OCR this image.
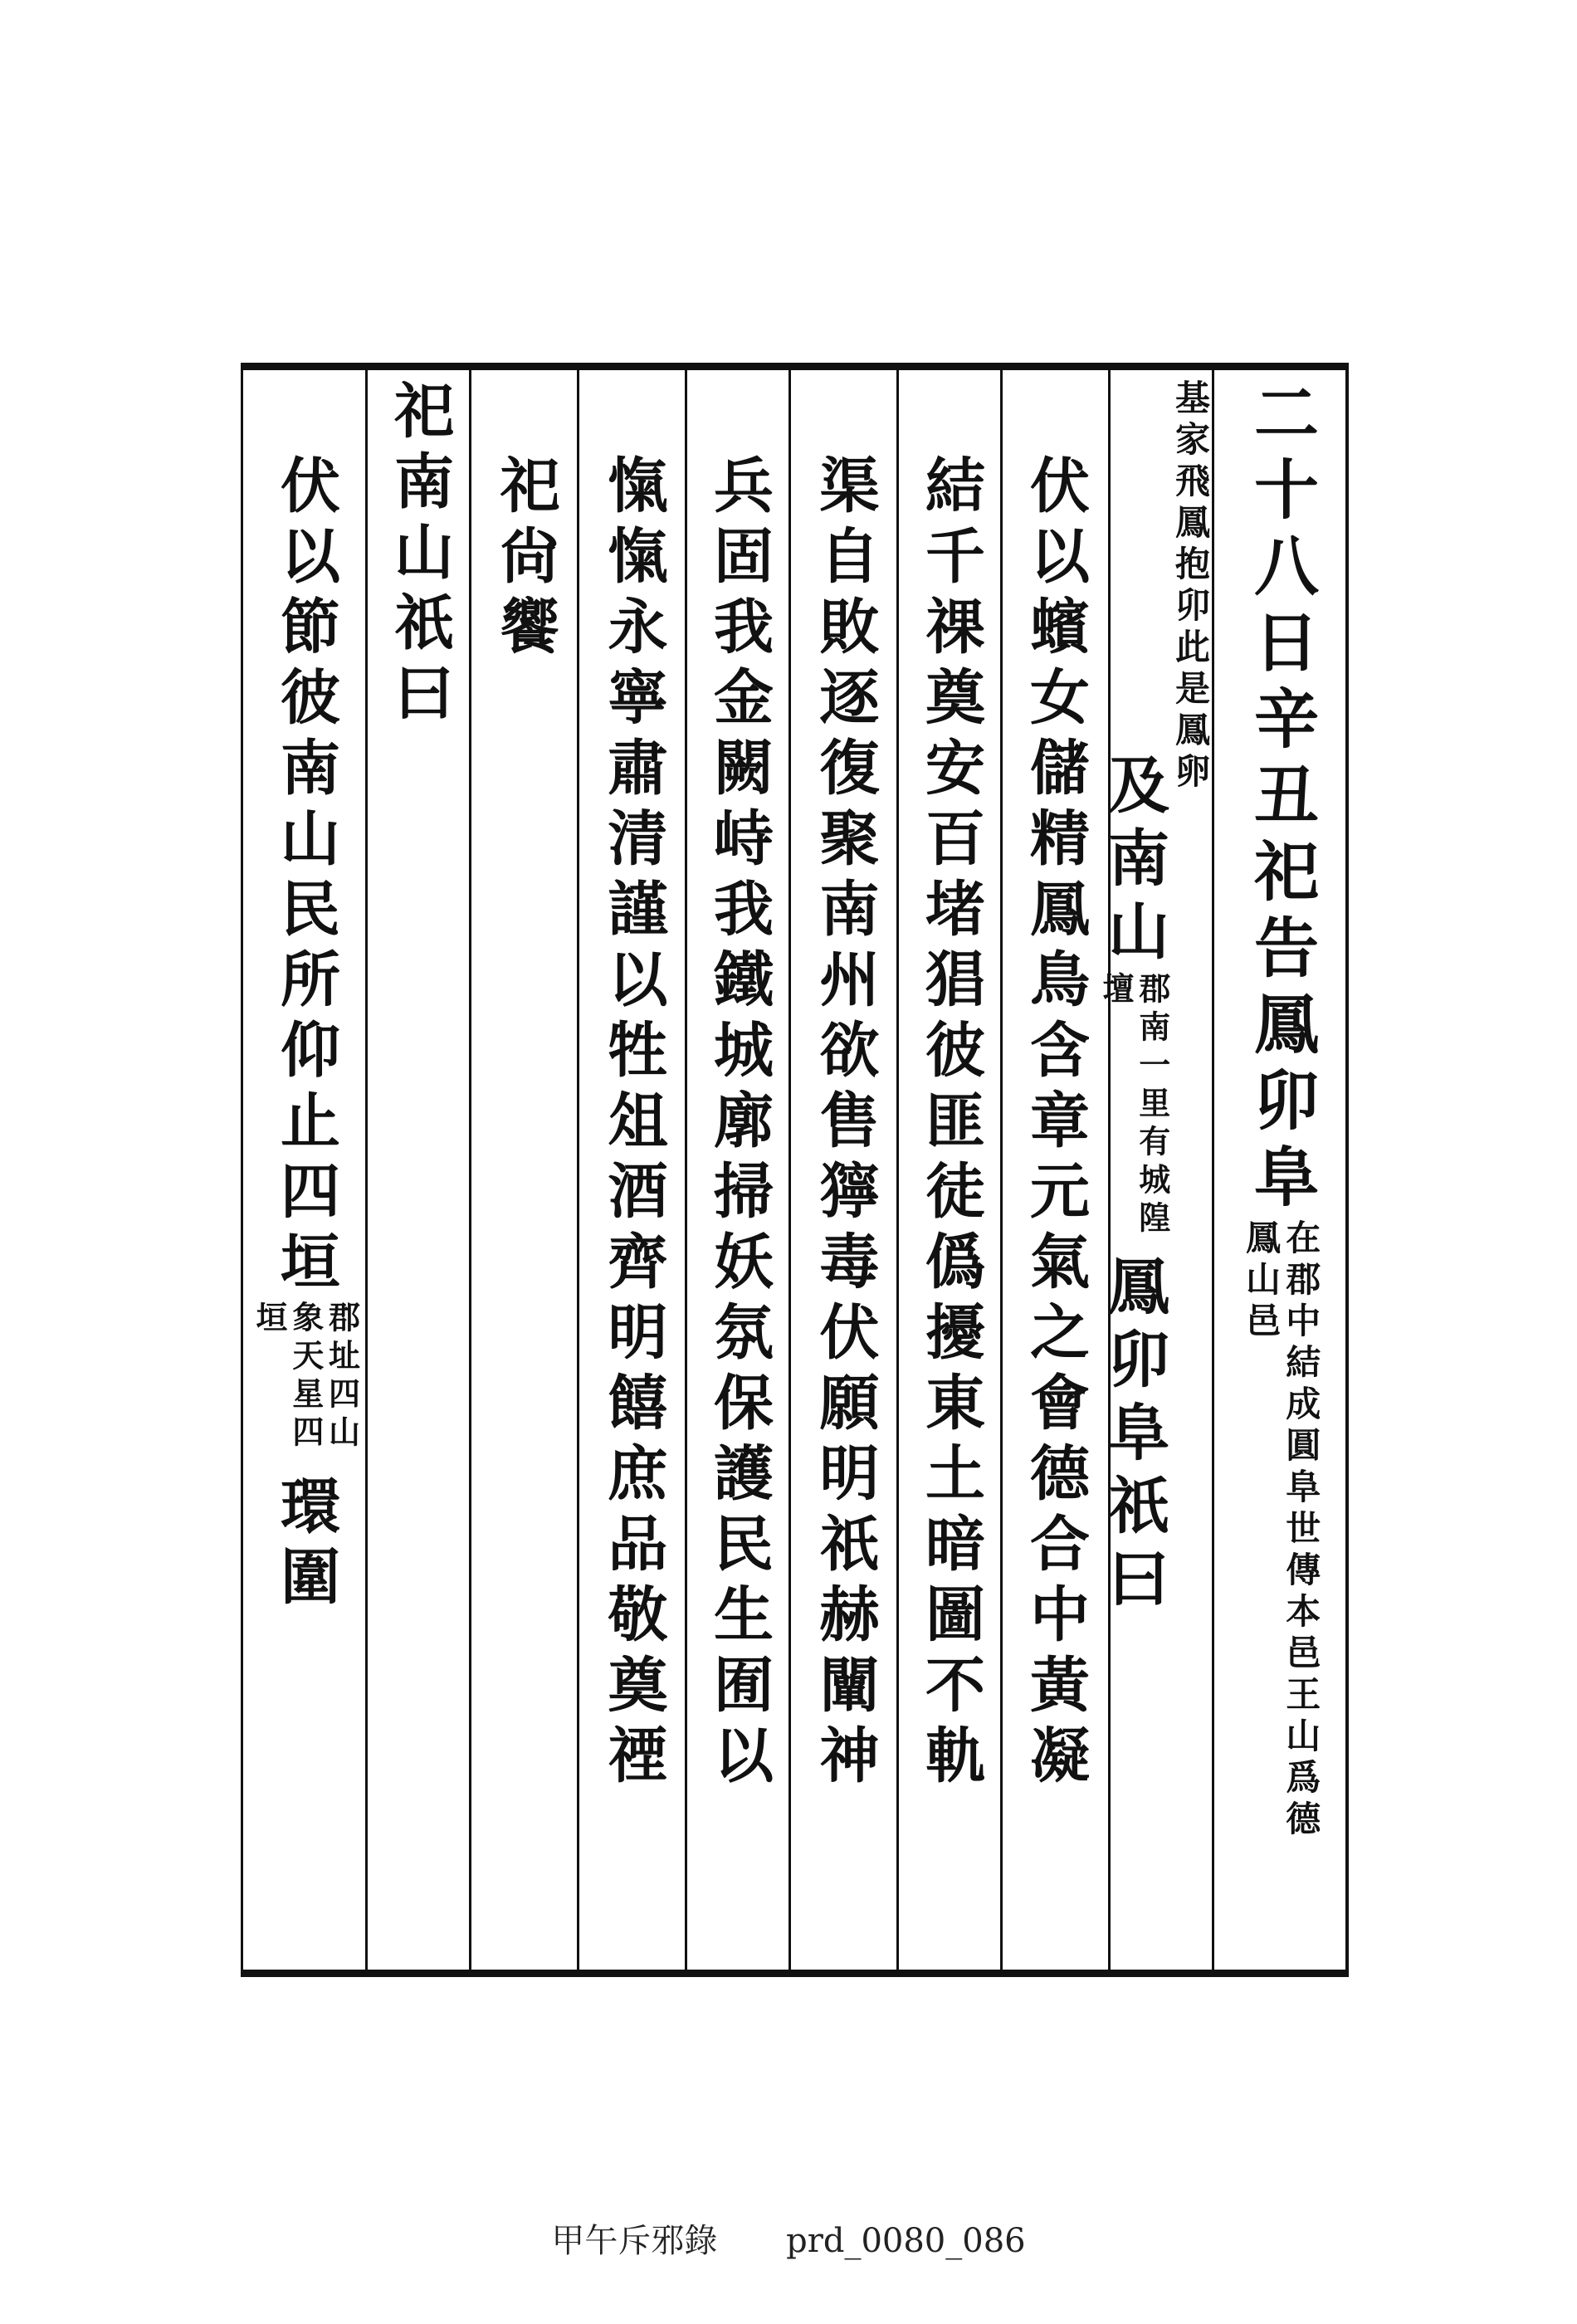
二十八日辛丑祀告鳳卯阜
在郡中結成圓阜世傳本邑王山爲德鳳山邑
基家飛鳳抱卯此是鳳卵
及南山
郡南一里有城隍壇
鳳卯阜祇曰
伏以蠙女儲精鳳鳥含章元氣之會德合中黃凝
結千祼奠安百堵猖彼匪徒僞擾東土暗圖不軌
渠自敗逐復聚南州欲售獰毒伏願明祇赫闡神
兵固我金闕峙我鐵城廓掃妖氛保護民生囿以
愾愾永寧肅清謹以牲俎酒齊明饎庶品敬奠禋
祀尙饗
祀南山祇曰
伏以節彼南山民所仰止四垣
郡址四山象天星四垣
環圍
甲午斥邪錄 prd_0080_086
